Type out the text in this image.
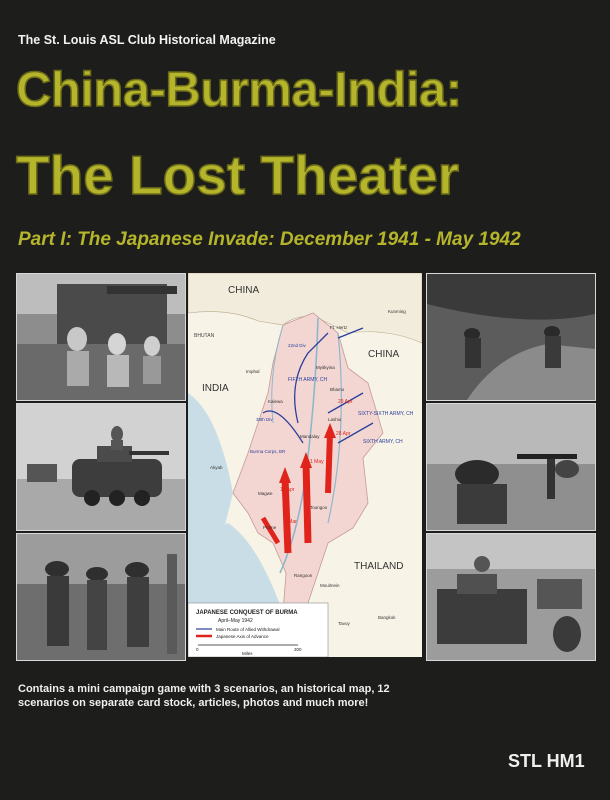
The St. Louis ASL Club Historical Magazine
China-Burma-India:
The Lost Theater
Part I: The Japanese Invade: December 1941 - May 1942
CHINA
CHINA
INDIA
THAILAND
BHUTAN
Ft. Hertz
Myitkyina
Bhamo
Lashio
Mandalay
Imphal
Kalewa
Magwe
Toungoo
Prome
Rangoon
Moulmein
Tavoy
Bangkok
Akyab
Kunming
22nd Div
38th Div
FIFTH ARMY, CH
SIXTY-SIXTH ARMY, CH
SIXTH ARMY, CH
Burma Corps, BR
29 Apr
28 Apr
1 May
16 Apr
8 Mar
JAPANESE CONQUEST OF BURMA
April–May 1942
Main Route of Allied Withdrawal
Japanese Axis of Advance
0	300
Miles
Contains a mini campaign game with 3 scenarios, an historical map, 12 scenarios on separate card stock, articles, photos and much more!
STL HM1
